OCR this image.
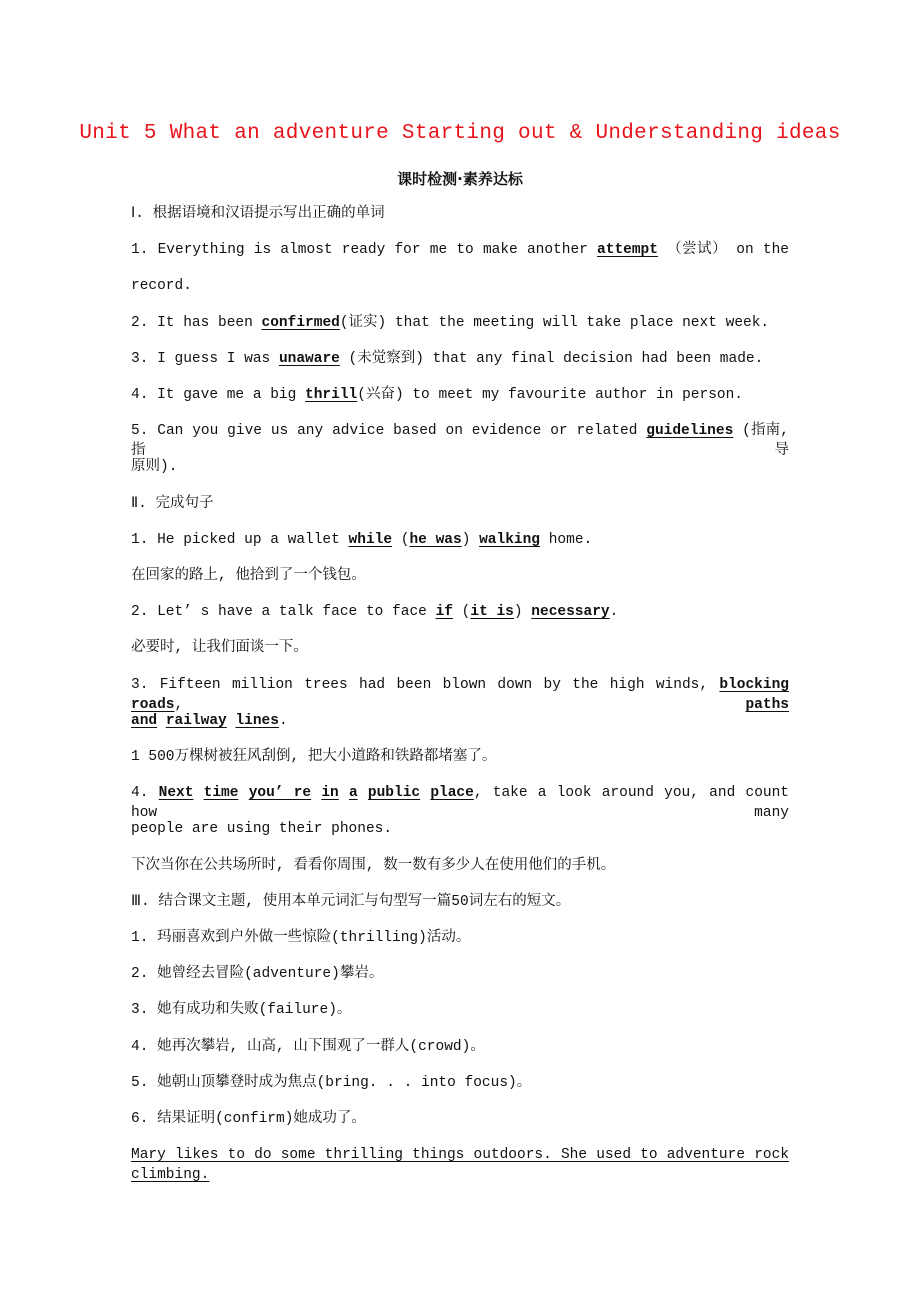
Unit 5 What an adventure Starting out & Understanding ideas
课时检测·素养达标
Ⅰ. 根据语境和汉语提示写出正确的单词
1. Everything is almost ready for me to make another attempt （尝试） on the
record.
2. It has been confirmed(证实) that the meeting will take place next week.
3. I guess I was unaware (未觉察到) that any final decision had been made.
4. It gave me a big thrill(兴奋) to meet my favourite author in person.
5. Can you give us any advice based on evidence or related guidelines (指南, 指导
原则).
Ⅱ. 完成句子
1. He picked up a wallet while (he was) walking home.
在回家的路上, 他拾到了一个钱包。
2. Let’ s have a talk face to face if (it is) necessary.
必要时, 让我们面谈一下。
3. Fifteen million trees had been blown down by the high winds, blocking roads, paths
and railway lines.
1 500万棵树被狂风刮倒, 把大小道路和铁路都堵塞了。
4. Next time you’ re in a public place, take a look around you, and count how many
people are using their phones.
下次当你在公共场所时, 看看你周围, 数一数有多少人在使用他们的手机。
Ⅲ. 结合课文主题, 使用本单元词汇与句型写一篇50词左右的短文。
1. 玛丽喜欢到户外做一些惊险(thrilling)活动。
2. 她曾经去冒险(adventure)攀岩。
3. 她有成功和失败(failure)。
4. 她再次攀岩, 山高, 山下围观了一群人(crowd)。
5. 她朝山顶攀登时成为焦点(bring. . . into focus)。
6. 结果证明(confirm)她成功了。
Mary likes to do some thrilling things outdoors. She used to adventure rock climbing.
